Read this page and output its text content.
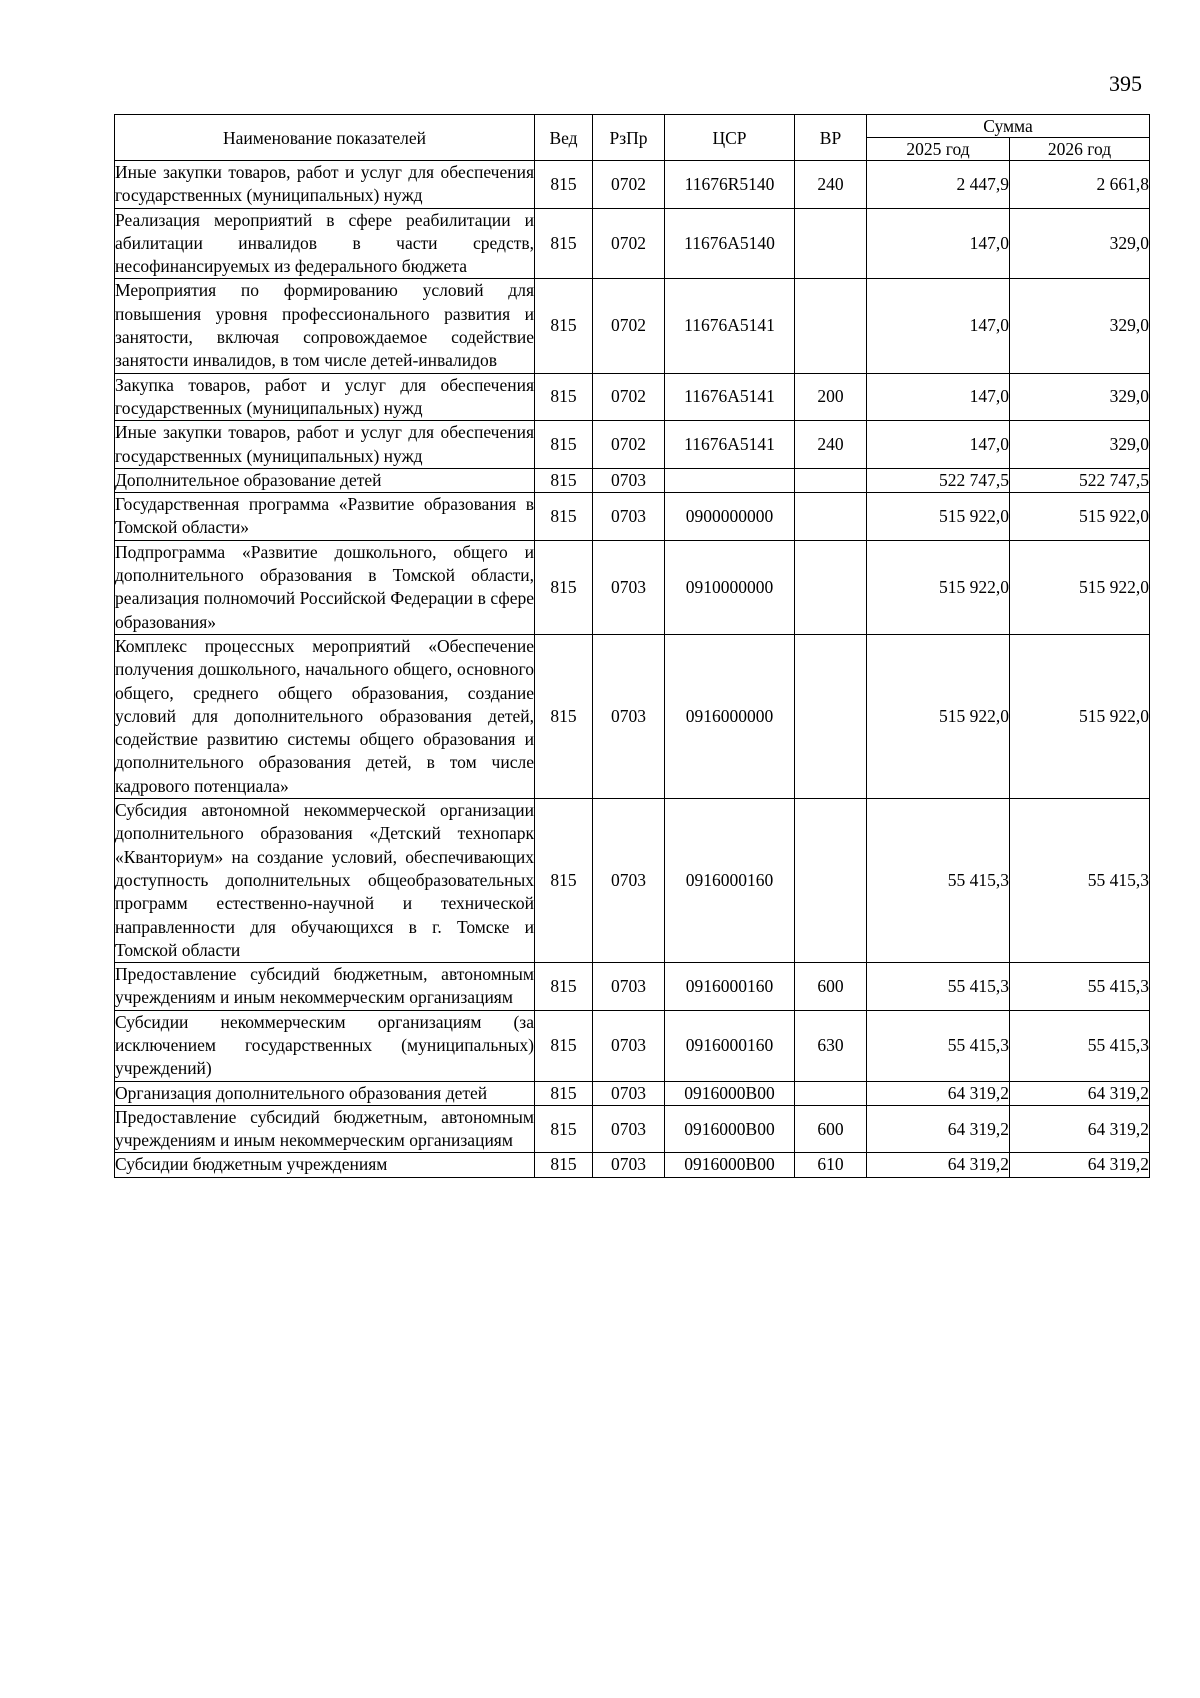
395
Наименование показателей	Вед	РзПр	ЦСР	ВР	Сумма	
					2025 год	2026 год
Иные закупки товаров, работ и услуг для обеспечения государственных (муниципальных) нужд	815	0702	11676R5140	240	2 447,9	2 661,8
Реализация мероприятий в сфере реабилитации и абилитации инвалидов в части средств, несофинансируемых из федерального бюджета	815	0702	11676A5140		147,0	329,0
Мероприятия по формированию условий для повышения уровня профессионального развития и занятости, включая сопровождаемое содействие занятости инвалидов, в том числе детей-инвалидов	815	0702	11676A5141		147,0	329,0
Закупка товаров, работ и услуг для обеспечения государственных (муниципальных) нужд	815	0702	11676A5141	200	147,0	329,0
Иные закупки товаров, работ и услуг для обеспечения государственных (муниципальных) нужд	815	0702	11676A5141	240	147,0	329,0
Дополнительное образование детей	815	0703			522 747,5	522 747,5
Государственная программа «Развитие образования в Томской области»	815	0703	0900000000		515 922,0	515 922,0
Подпрограмма «Развитие дошкольного, общего и дополнительного образования в Томской области, реализация полномочий Российской Федерации в сфере образования»	815	0703	0910000000		515 922,0	515 922,0
Комплекс процессных мероприятий «Обеспечение получения дошкольного, начального общего, основного общего, среднего общего образования, создание условий для дополнительного образования детей, содействие развитию системы общего образования и дополнительного образования детей, в том числе кадрового потенциала»	815	0703	0916000000		515 922,0	515 922,0
Субсидия автономной некоммерческой организации дополнительного образования «Детский технопарк «Кванториум» на создание условий, обеспечивающих доступность дополнительных общеобразовательных программ естественно-научной и технической направленности для обучающихся в г. Томске и Томской области	815	0703	0916000160		55 415,3	55 415,3
Предоставление субсидий бюджетным, автономным учреждениям и иным некоммерческим организациям	815	0703	0916000160	600	55 415,3	55 415,3
Субсидии некоммерческим организациям (за исключением государственных (муниципальных) учреждений)	815	0703	0916000160	630	55 415,3	55 415,3
Организация дополнительного образования детей	815	0703	0916000B00		64 319,2	64 319,2
Предоставление субсидий бюджетным, автономным учреждениям и иным некоммерческим организациям	815	0703	0916000B00	600	64 319,2	64 319,2
Субсидии бюджетным учреждениям	815	0703	0916000B00	610	64 319,2	64 319,2
